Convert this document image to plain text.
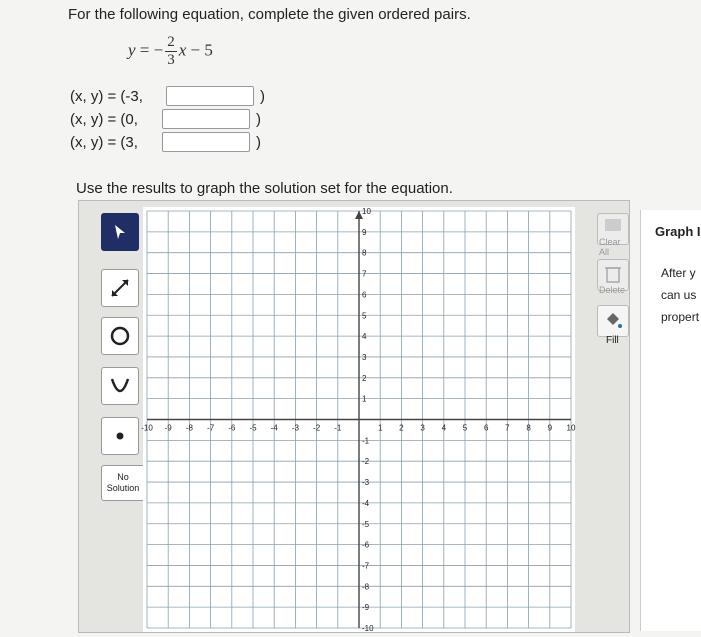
For the following equation, complete the given ordered pairs.
y = − $\frac{2}{3}$ x − 5
(x, y) = (-3,	)
(x, y) = (0,	)
(x, y) = (3,	)
Use the results to graph the solution set for the equation.
No
Solution
-10 -9 -8 -7 -6 -5 -4 -3 -2 -1	1 2 3 4 5 6 7 8 9 10
10
9
8
7
6
5
4
3
2
1
-1
-2
-3
-4
-5
-6
-7
-8
-9
-10
Clear All
Delete
Fill
Graph I
After y
can us
propert
